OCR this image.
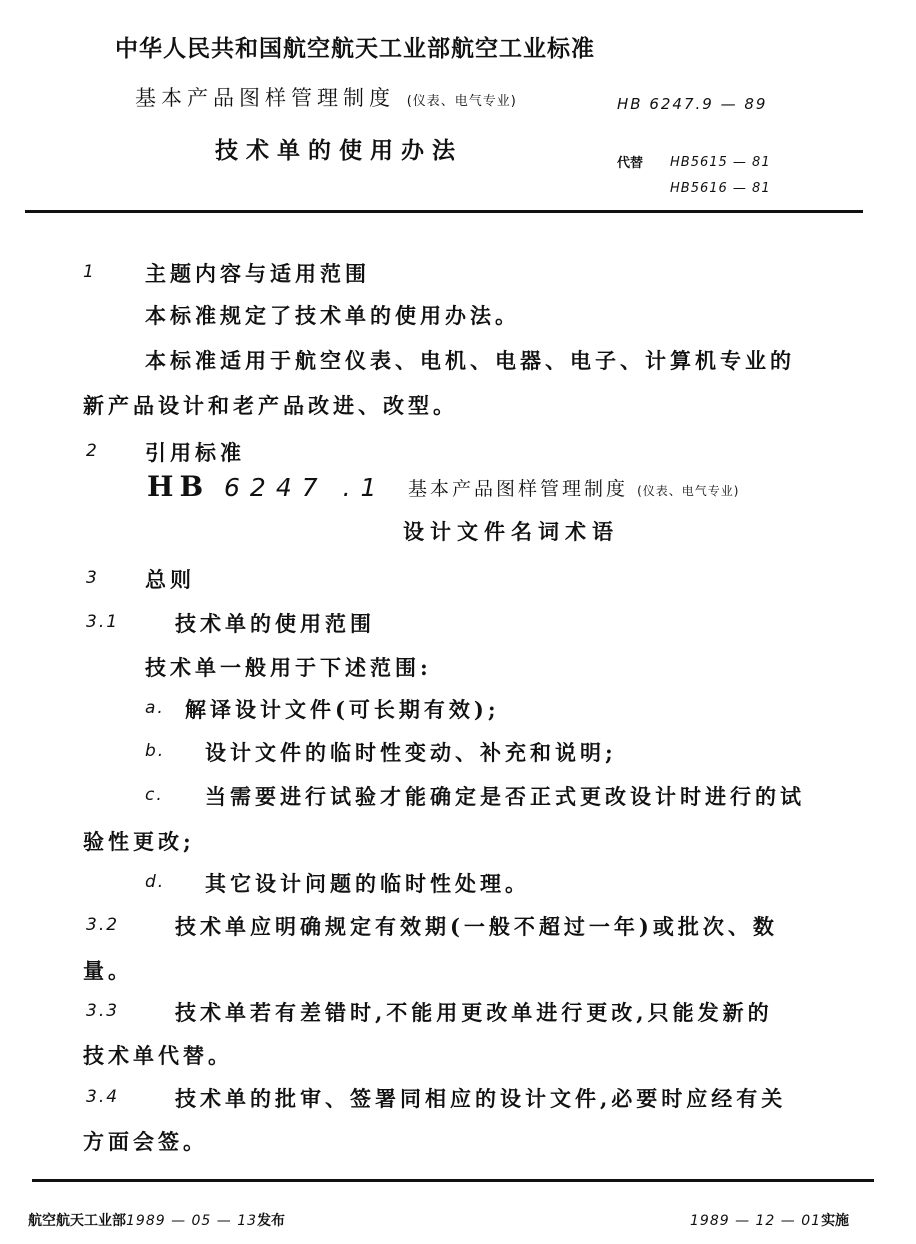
中华人民共和国航空航天工业部航空工业标准
基本产品图样管理制度 (仪表、电气专业)
技术单的使用办法
HB 6247.9 — 89
代替 HB5615 — 81
HB5616 — 81
1 主题内容与适用范围
本标准规定了技术单的使用办法。
本标准适用于航空仪表、电机、电器、电子、计算机专业的
新产品设计和老产品改进、改型。
2 引用标准
HB 6247 .1 基本产品图样管理制度 (仪表、电气专业)
设计文件名词术语
3 总则
3.1	技术单的使用范围
技术单一般用于下述范围:
a. 解译设计文件(可长期有效);
b. 设计文件的临时性变动、补充和说明;
c. 当需要进行试验才能确定是否正式更改设计时进行的试
验性更改;
d. 其它设计问题的临时性处理。
3.2	技术单应明确规定有效期(一般不超过一年)或批次、数
量。
3.3	技术单若有差错时,不能用更改单进行更改,只能发新的
技术单代替。
3.4	技术单的批审、签署同相应的设计文件,必要时应经有关
方面会签。
航空航天工业部1989 — 05 — 13发布	1989 — 12 — 01实施
